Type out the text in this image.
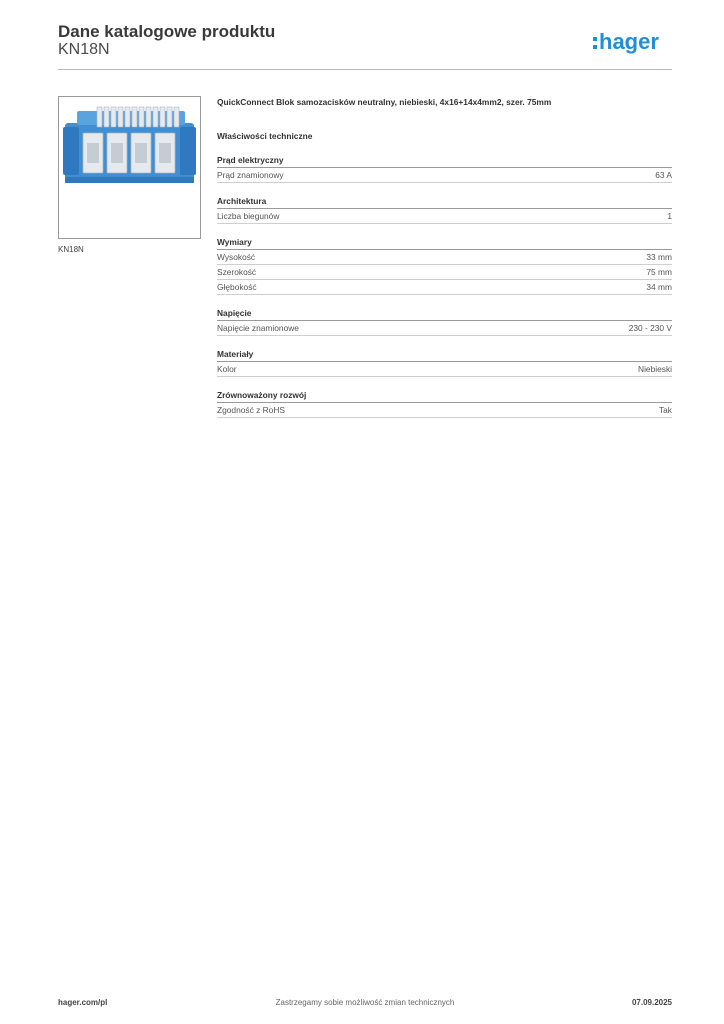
Dane katalogowe produktu
KN18N	hager
KN18N

QuickConnect Blok samozacisków neutralny, niebieski, 4x16+14x4mm2, szer. 75mm

Właściwości techniczne
Prąd elektryczny
Prąd znamionowy	63 A
Architektura
Liczba biegunów	1
Wymiary
Wysokość	33 mm
Szerokość	75 mm
Głębokość	34 mm
Napięcie
Napięcie znamionowe	230 - 230 V
Materiały
Kolor	Niebieski
Zrównoważony rozwój
Zgodność z RoHS	Tak
hager.com/pl	Zastrzegamy sobie możliwość zmian technicznych	07.09.2025
